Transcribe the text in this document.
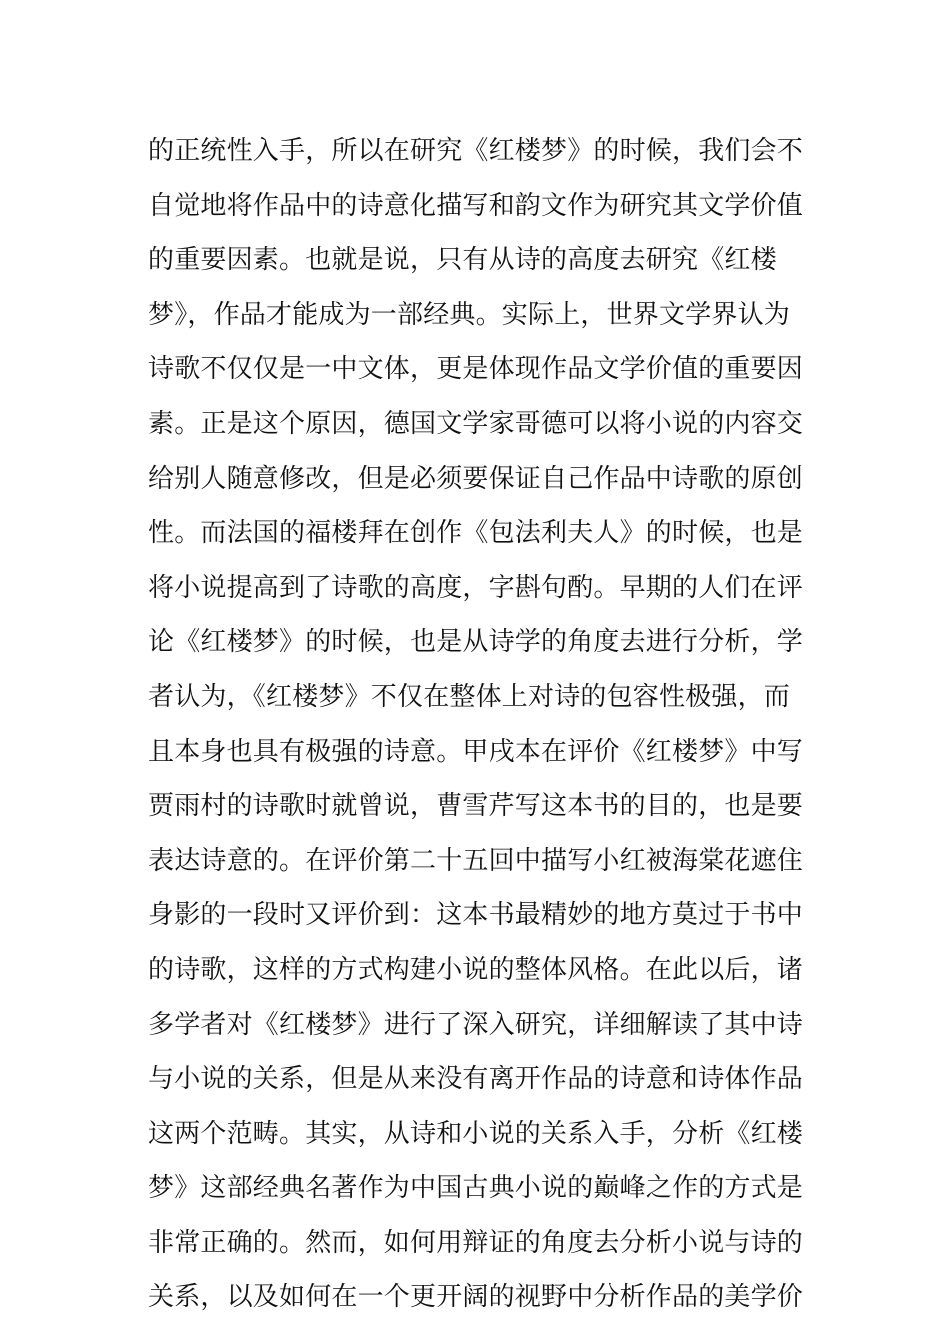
的正统性入手，所以在研究《红楼梦》的时候，我们会不
自觉地将作品中的诗意化描写和韵文作为研究其文学价值
的重要因素。也就是说，只有从诗的高度去研究《红楼
梦》，作品才能成为一部经典。实际上，世界文学界认为
诗歌不仅仅是一中文体，更是体现作品文学价值的重要因
素。正是这个原因，德国文学家哥德可以将小说的内容交
给别人随意修改，但是必须要保证自己作品中诗歌的原创
性。而法国的福楼拜在创作《包法利夫人》的时候，也是
将小说提高到了诗歌的高度，字斟句酌。早期的人们在评
论《红楼梦》的时候，也是从诗学的角度去进行分析，学
者认为，《红楼梦》不仅在整体上对诗的包容性极强，而
且本身也具有极强的诗意。甲戌本在评价《红楼梦》中写
贾雨村的诗歌时就曾说，曹雪芹写这本书的目的，也是要
表达诗意的。在评价第二十五回中描写小红被海棠花遮住
身影的一段时又评价到：这本书最精妙的地方莫过于书中
的诗歌，这样的方式构建小说的整体风格。在此以后，诸
多学者对《红楼梦》进行了深入研究，详细解读了其中诗
与小说的关系，但是从来没有离开作品的诗意和诗体作品
这两个范畴。其实，从诗和小说的关系入手，分析《红楼
梦》这部经典名著作为中国古典小说的巅峰之作的方式是
非常正确的。然而，如何用辩证的角度去分析小说与诗的
关系，以及如何在一个更开阔的视野中分析作品的美学价
